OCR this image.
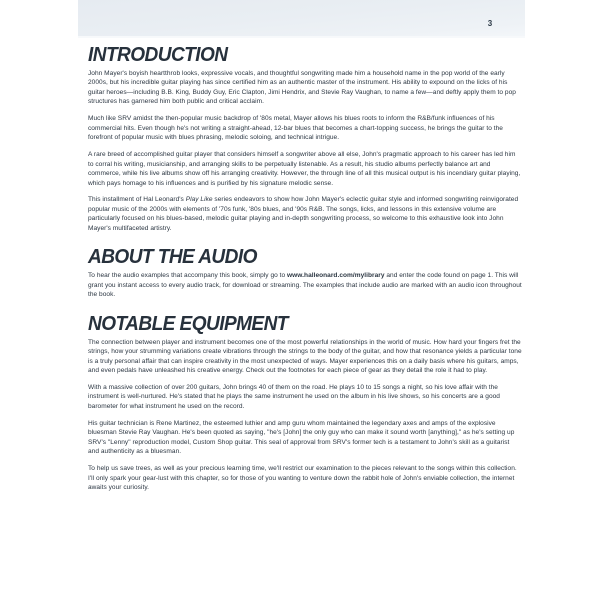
3
INTRODUCTION

John Mayer's boyish heartthrob looks, expressive vocals, and thoughtful songwriting made him a household name in the pop world of the early 2000s, but his incredible guitar playing has since certified him as an authentic master of the instrument. His ability to expound on the licks of his guitar heroes—including B.B. King, Buddy Guy, Eric Clapton, Jimi Hendrix, and Stevie Ray Vaughan, to name a few—and deftly apply them to pop structures has garnered him both public and critical acclaim.

Much like SRV amidst the then-popular music backdrop of '80s metal, Mayer allows his blues roots to inform the R&B/funk influences of his commercial hits. Even though he's not writing a straight-ahead, 12-bar blues that becomes a chart-topping success, he brings the guitar to the forefront of popular music with blues phrasing, melodic soloing, and technical intrigue.

A rare breed of accomplished guitar player that considers himself a songwriter above all else, John's pragmatic approach to his career has led him to corral his writing, musicianship, and arranging skills to be perpetually listenable. As a result, his studio albums perfectly balance art and commerce, while his live albums show off his arranging creativity. However, the through line of all this musical output is his incendiary guitar playing, which pays homage to his influences and is purified by his signature melodic sense.

This installment of Hal Leonard's Play Like series endeavors to show how John Mayer's eclectic guitar style and informed songwriting reinvigorated popular music of the 2000s with elements of '70s funk, '80s blues, and '90s R&B. The songs, licks, and lessons in this extensive volume are particularly focused on his blues-based, melodic guitar playing and in-depth songwriting process, so welcome to this exhaustive look into John Mayer's multifaceted artistry.

ABOUT THE AUDIO

To hear the audio examples that accompany this book, simply go to www.halleonard.com/mylibrary and enter the code found on page 1. This will grant you instant access to every audio track, for download or streaming. The examples that include audio are marked with an audio icon throughout the book.

NOTABLE EQUIPMENT

The connection between player and instrument becomes one of the most powerful relationships in the world of music. How hard your fingers fret the strings, how your strumming variations create vibrations through the strings to the body of the guitar, and how that resonance yields a particular tone is a truly personal affair that can inspire creativity in the most unexpected of ways. Mayer experiences this on a daily basis where his guitars, amps, and even pedals have unleashed his creative energy. Check out the footnotes for each piece of gear as they detail the role it had to play.

With a massive collection of over 200 guitars, John brings 40 of them on the road. He plays 10 to 15 songs a night, so his love affair with the instrument is well-nurtured. He's stated that he plays the same instrument he used on the album in his live shows, so his concerts are a good barometer for what instrument he used on the record.

His guitar technician is Rene Martinez, the esteemed luthier and amp guru whom maintained the legendary axes and amps of the explosive bluesman Stevie Ray Vaughan. He's been quoted as saying, "he's [John] the only guy who can make it sound worth [anything]," as he's setting up SRV's "Lenny" reproduction model, Custom Shop guitar. This seal of approval from SRV's former tech is a testament to John's skill as a guitarist and authenticity as a bluesman.

To help us save trees, as well as your precious learning time, we'll restrict our examination to the pieces relevant to the songs within this collection. I'll only spark your gear-lust with this chapter, so for those of you wanting to venture down the rabbit hole of John's enviable collection, the internet awaits your curiosity.
